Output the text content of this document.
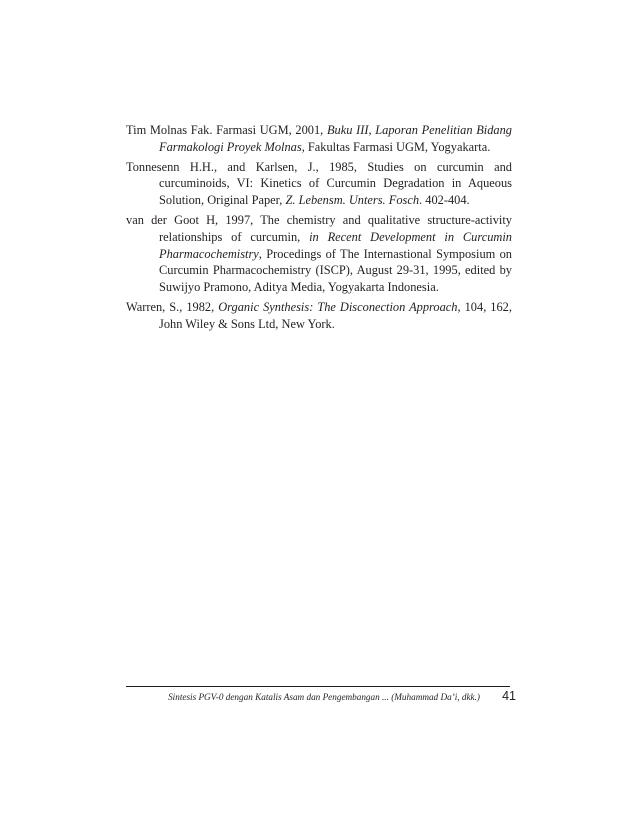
Tim Molnas Fak. Farmasi UGM, 2001, Buku III, Laporan Penelitian Bidang Farmakologi Proyek Molnas, Fakultas Farmasi UGM, Yogyakarta.

Tonnesenn H.H., and Karlsen, J., 1985, Studies on curcumin and curcuminoids, VI: Kinetics of Curcumin Degradation in Aqueous Solution, Original Paper, Z. Lebensm. Unters. Fosch. 402-404.

van der Goot H, 1997, The chemistry and qualitative structure-activity relationships of curcumin, in Recent Development in Curcumin Pharmacochemistry, Procedings of The Internastional Symposium on Curcumin Pharmacochemistry (ISCP), August 29-31, 1995, edited by Suwijyo Pramono, Aditya Media, Yogyakarta Indonesia.

Warren, S., 1982, Organic Synthesis: The Disconection Approach, 104, 162, John Wiley & Sons Ltd, New York.

Sintesis PGV-0 dengan Katalis Asam dan Pengembangan ... (Muhammad Da’i, dkk.)	41
